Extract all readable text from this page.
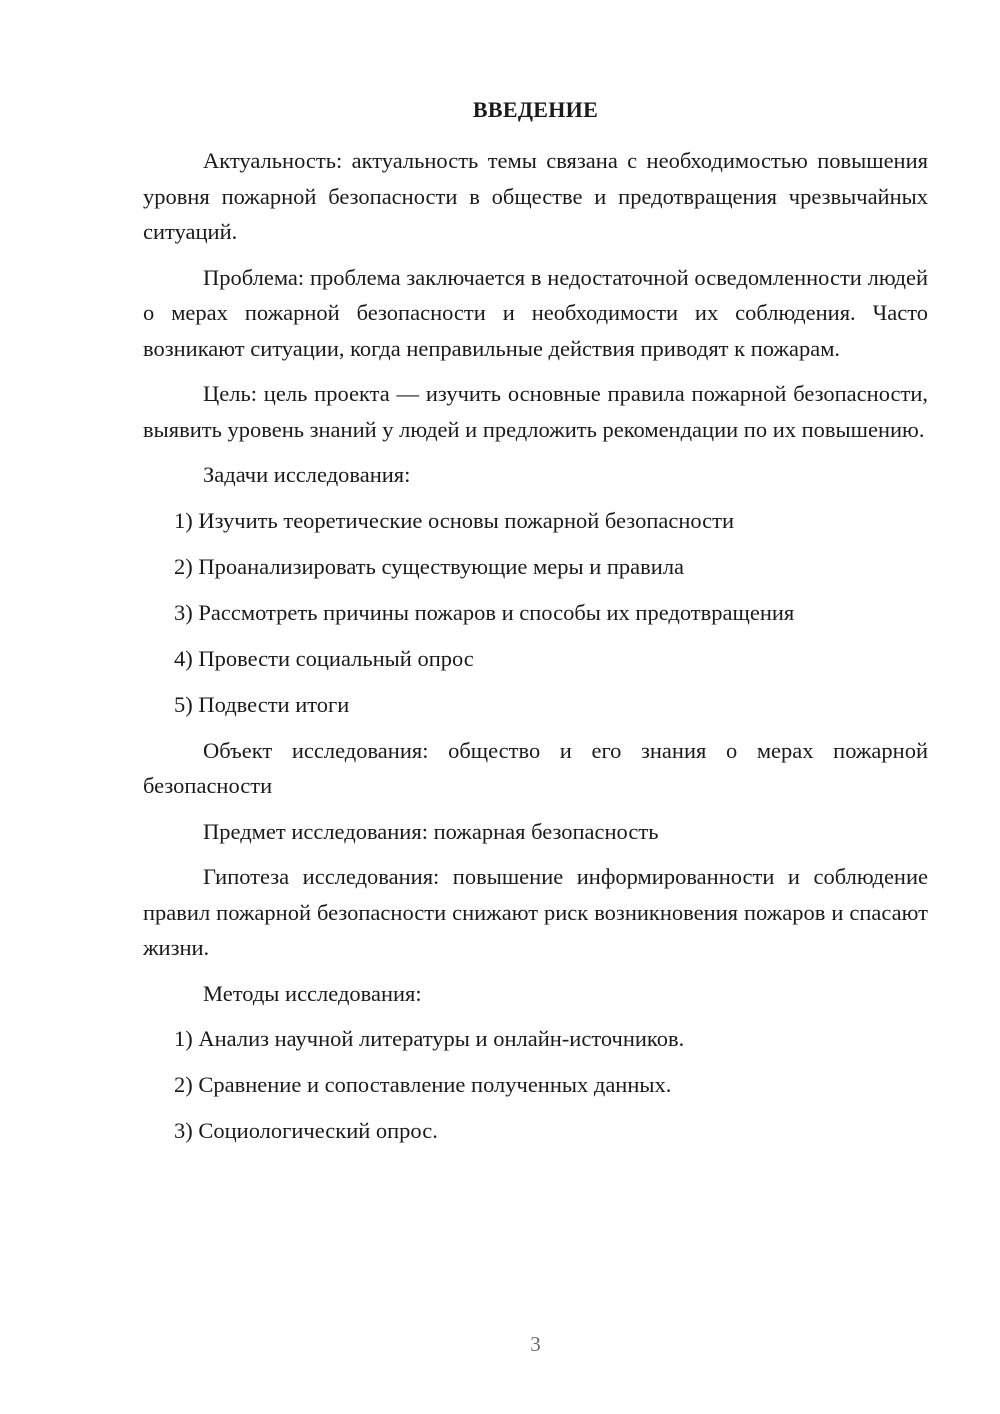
ВВЕДЕНИЕ

Актуальность: актуальность темы связана с необходимостью повышения уровня пожарной безопасности в обществе и предотвращения чрезвычайных ситуаций.

Проблема: проблема заключается в недостаточной осведомленности людей о мерах пожарной безопасности и необходимости их соблюдения. Часто возникают ситуации, когда неправильные действия приводят к пожарам.

Цель: цель проекта — изучить основные правила пожарной безопасности, выявить уровень знаний у людей и предложить рекомендации по их повышению.

Задачи исследования:

1) Изучить теоретические основы пожарной безопасности
2) Проанализировать существующие меры и правила
3) Рассмотреть причины пожаров и способы их предотвращения
4) Провести социальный опрос
5) Подвести итоги

Объект исследования: общество и его знания о мерах пожарной безопасности

Предмет исследования: пожарная безопасность

Гипотеза исследования: повышение информированности и соблюдение правил пожарной безопасности снижают риск возникновения пожаров и спасают жизни.

Методы исследования:

1) Анализ научной литературы и онлайн-источников.
2) Сравнение и сопоставление полученных данных.
3) Социологический опрос.
3
